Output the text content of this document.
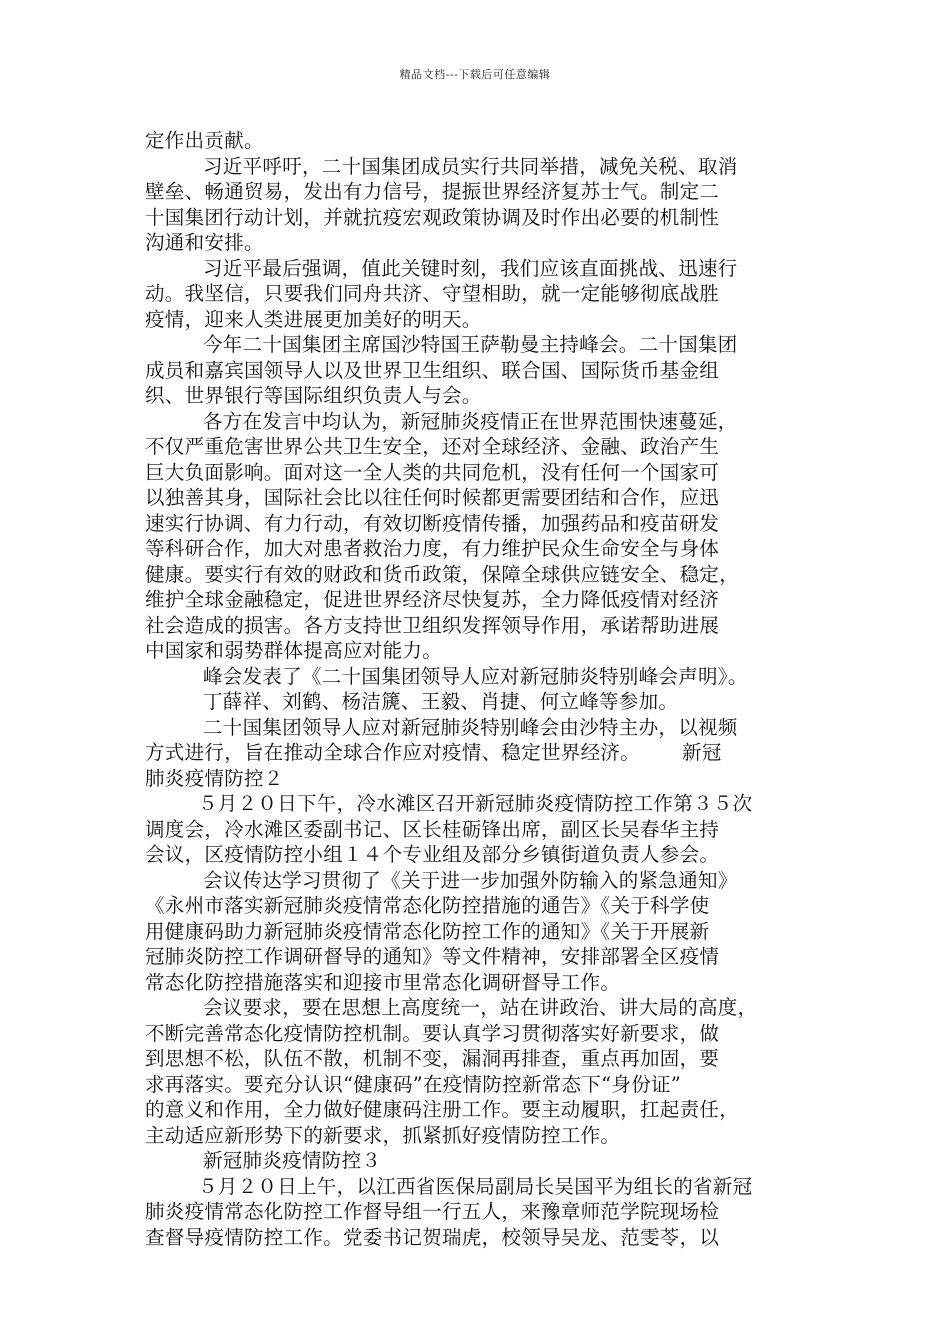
精品文档---下载后可任意编辑
定作出贡献。
习近平呼吁，二十国集团成员实行共同举措，减免关税、取消
壁垒、畅通贸易，发出有力信号，提振世界经济复苏士气。制定二
十国集团行动计划，并就抗疫宏观政策协调及时作出必要的机制性
沟通和安排。
习近平最后强调，值此关键时刻，我们应该直面挑战、迅速行
动。我坚信，只要我们同舟共济、守望相助，就一定能够彻底战胜
疫情，迎来人类进展更加美好的明天。
今年二十国集团主席国沙特国王萨勒曼主持峰会。二十国集团
成员和嘉宾国领导人以及世界卫生组织、联合国、国际货币基金组
织、世界银行等国际组织负责人与会。
各方在发言中均认为，新冠肺炎疫情正在世界范围快速蔓延，
不仅严重危害世界公共卫生安全，还对全球经济、金融、政治产生
巨大负面影响。面对这一全人类的共同危机，没有任何一个国家可
以独善其身，国际社会比以往任何时候都更需要团结和合作，应迅
速实行协调、有力行动，有效切断疫情传播，加强药品和疫苗研发
等科研合作，加大对患者救治力度，有力维护民众生命安全与身体
健康。要实行有效的财政和货币政策，保障全球供应链安全、稳定，
维护全球金融稳定，促进世界经济尽快复苏，全力降低疫情对经济
社会造成的损害。各方支持世卫组织发挥领导作用，承诺帮助进展
中国家和弱势群体提高应对能力。
峰会发表了《二十国集团领导人应对新冠肺炎特别峰会声明》。
丁薛祥、刘鹤、杨洁篪、王毅、肖捷、何立峰等参加。
二十国集团领导人应对新冠肺炎特别峰会由沙特主办，以视频
方式进行，旨在推动全球合作应对疫情、稳定世界经济。 新冠
肺炎疫情防控２
５月２０日下午，冷水滩区召开新冠肺炎疫情防控工作第３５次
调度会，冷水滩区委副书记、区长桂砺锋出席，副区长吴春华主持
会议，区疫情防控小组１４个专业组及部分乡镇街道负责人参会。
会议传达学习贯彻了《关于进一步加强外防输入的紧急通知》
《永州市落实新冠肺炎疫情常态化防控措施的通告》《关于科学使
用健康码助力新冠肺炎疫情常态化防控工作的通知》《关于开展新
冠肺炎防控工作调研督导的通知》等文件精神，安排部署全区疫情
常态化防控措施落实和迎接市里常态化调研督导工作。
会议要求，要在思想上高度统一，站在讲政治、讲大局的高度，
不断完善常态化疫情防控机制。要认真学习贯彻落实好新要求，做
到思想不松，队伍不散，机制不变，漏洞再排查，重点再加固，要
求再落实。要充分认识“健康码”在疫情防控新常态下“身份证”
的意义和作用，全力做好健康码注册工作。要主动履职，扛起责任，
主动适应新形势下的新要求，抓紧抓好疫情防控工作。
新冠肺炎疫情防控３
５月２０日上午，以江西省医保局副局长吴国平为组长的省新冠
肺炎疫情常态化防控工作督导组一行五人，来豫章师范学院现场检
查督导疫情防控工作。党委书记贺瑞虎，校领导吴龙、范雯苓，以
